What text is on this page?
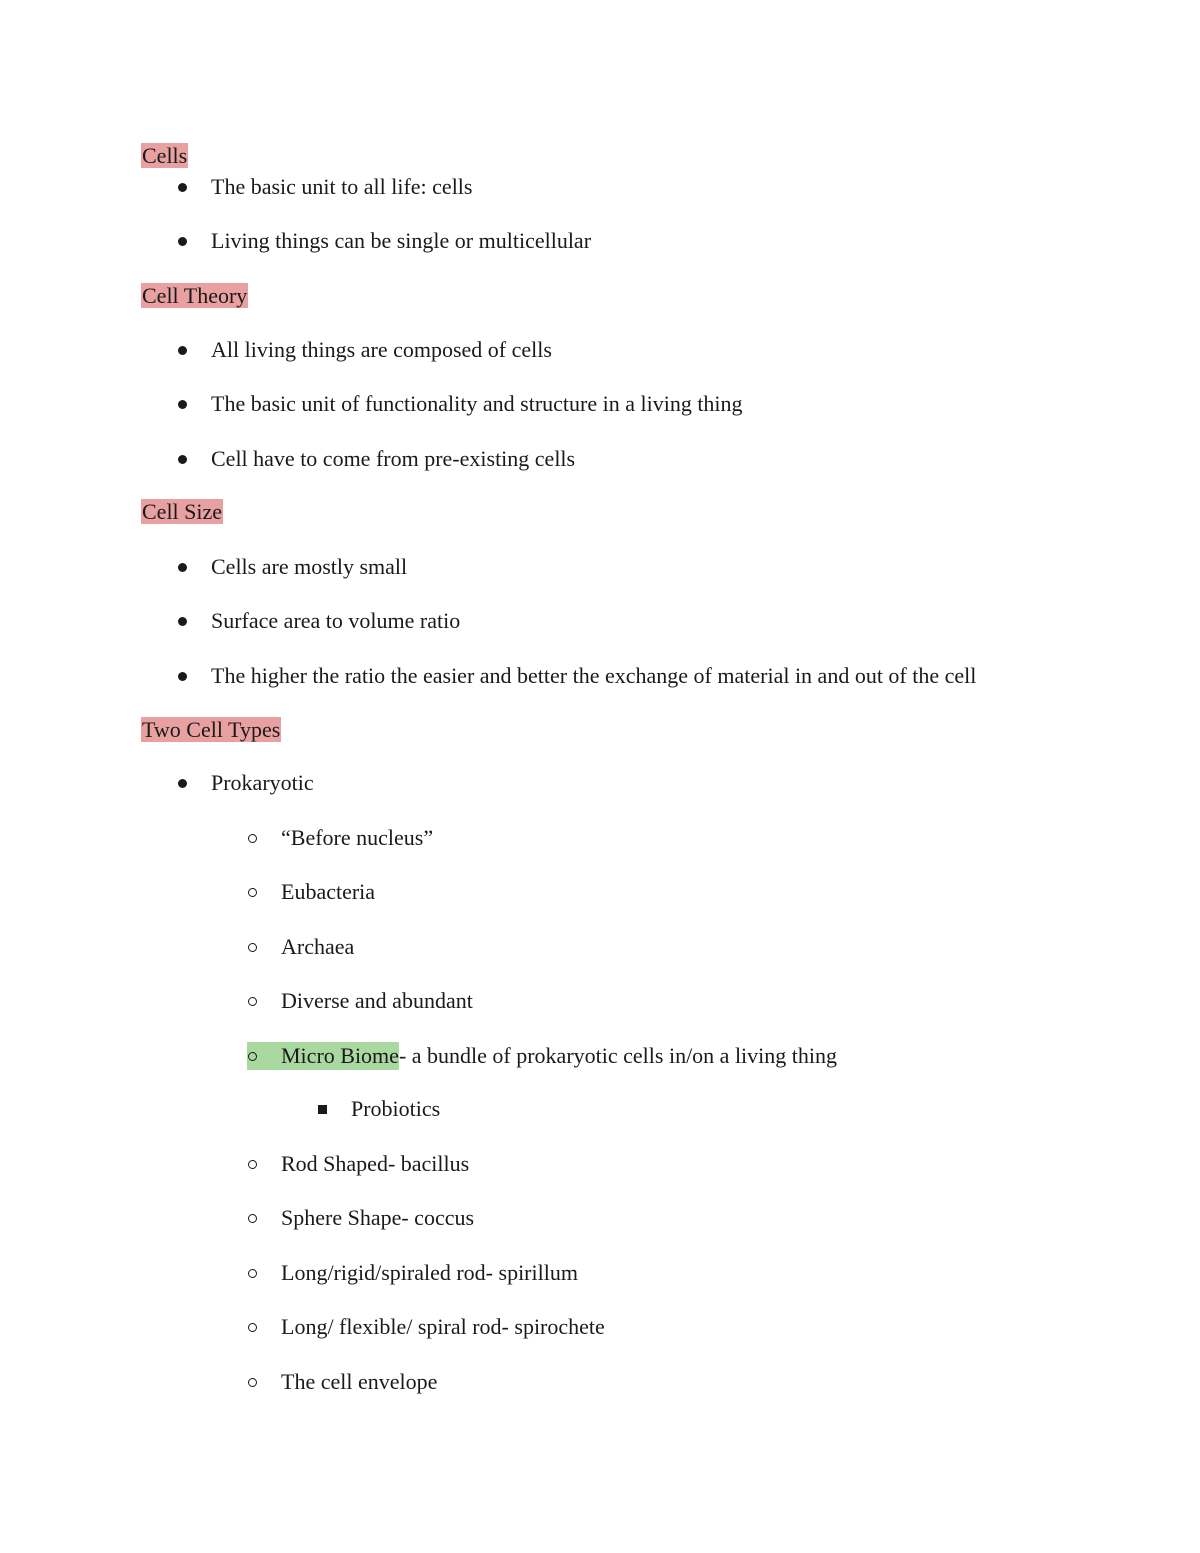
Cells
The basic unit to all life: cells
Living things can be single or multicellular
Cell Theory
All living things are composed of cells
The basic unit of functionality and structure in a living thing
Cell have to come from pre-existing cells
Cell Size
Cells are mostly small
Surface area to volume ratio
The higher the ratio the easier and better the exchange of material in and out of the cell
Two Cell Types
Prokaryotic
“Before nucleus”
Eubacteria
Archaea
Diverse and abundant
Micro Biome- a bundle of prokaryotic cells in/on a living thing
Probiotics
Rod Shaped- bacillus
Sphere Shape- coccus
Long/rigid/spiraled rod- spirillum
Long/ flexible/ spiral rod- spirochete
The cell envelope
